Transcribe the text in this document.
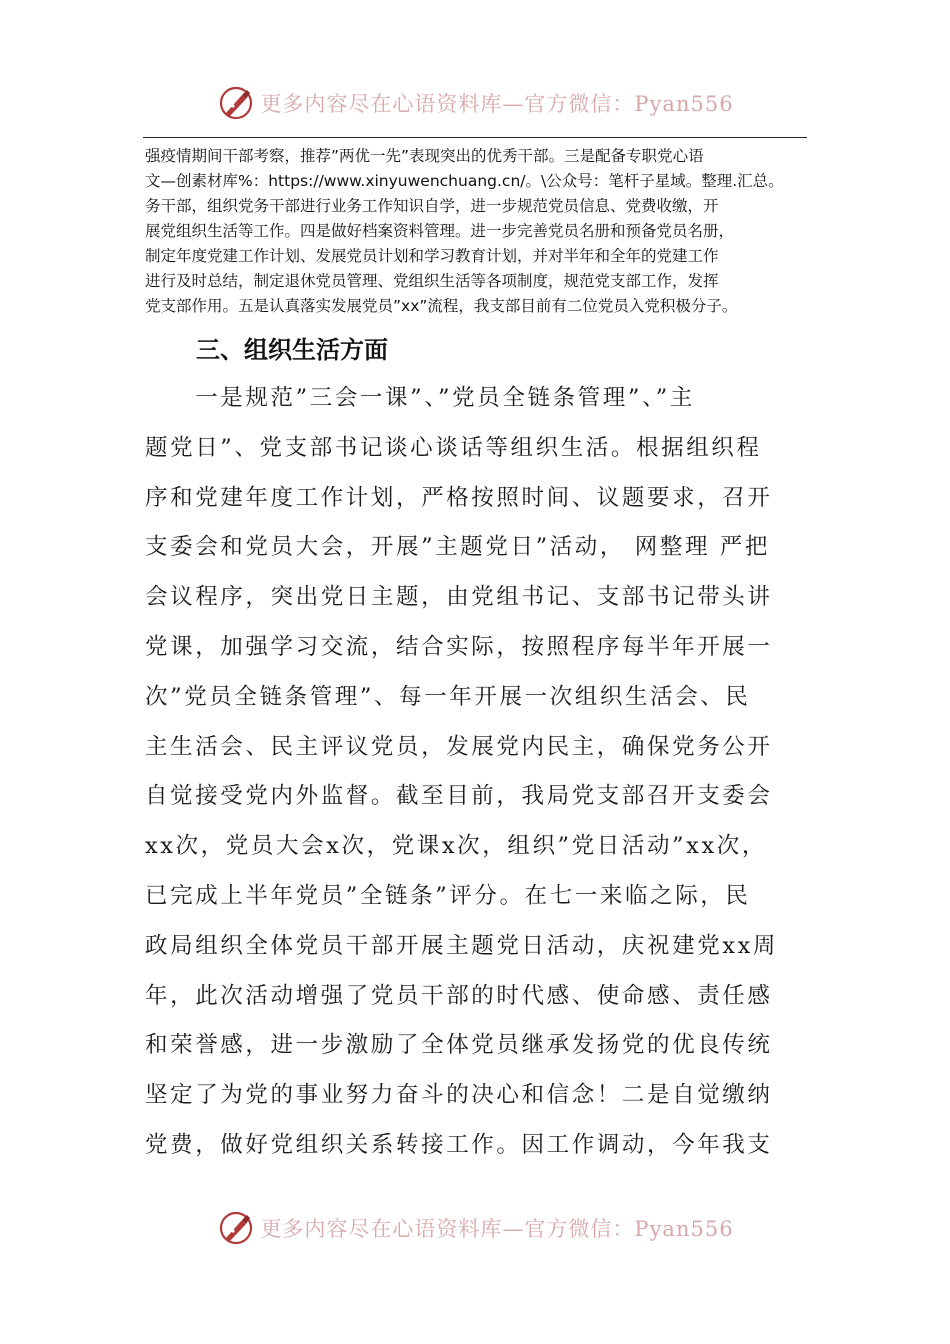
更多内容尽在心语资料库—官方微信：Pyan556
强疫情期间干部考察，推荐”两优一先”表现突出的优秀干部。三是配备专职党心语
文—创素材库%：https://www.xinyuwenchuang.cn/。\公众号：笔杆子星域。整理.汇总。
务干部，组织党务干部进行业务工作知识自学，进一步规范党员信息、党费收缴，开
展党组织生活等工作。四是做好档案资料管理。进一步完善党员名册和预备党员名册，
制定年度党建工作计划、发展党员计划和学习教育计划，并对半年和全年的党建工作
进行及时总结，制定退休党员管理、党组织生活等各项制度，规范党支部工作，发挥
党支部作用。五是认真落实发展党员”xx”流程，我支部目前有二位党员入党积极分子。
三、组织生活方面
　　一是规范”三会一课”、”党员全链条管理”、”主
题党日”、党支部书记谈心谈话等组织生活。根据组织程
序和党建年度工作计划，严格按照时间、议题要求，召开
支委会和党员大会，开展”主题党日”活动， 网整理 严把
会议程序，突出党日主题，由党组书记、支部书记带头讲
党课，加强学习交流，结合实际，按照程序每半年开展一
次”党员全链条管理”、每一年开展一次组织生活会、民
主生活会、民主评议党员，发展党内民主，确保党务公开
自觉接受党内外监督。截至目前，我局党支部召开支委会
xx次，党员大会x次，党课x次，组织”党日活动”xx次，
已完成上半年党员”全链条”评分。在七一来临之际，民
政局组织全体党员干部开展主题党日活动，庆祝建党xx周
年，此次活动增强了党员干部的时代感、使命感、责任感
和荣誉感，进一步激励了全体党员继承发扬党的优良传统
坚定了为党的事业努力奋斗的决心和信念！二是自觉缴纳
党费，做好党组织关系转接工作。因工作调动，今年我支
更多内容尽在心语资料库—官方微信：Pyan556
